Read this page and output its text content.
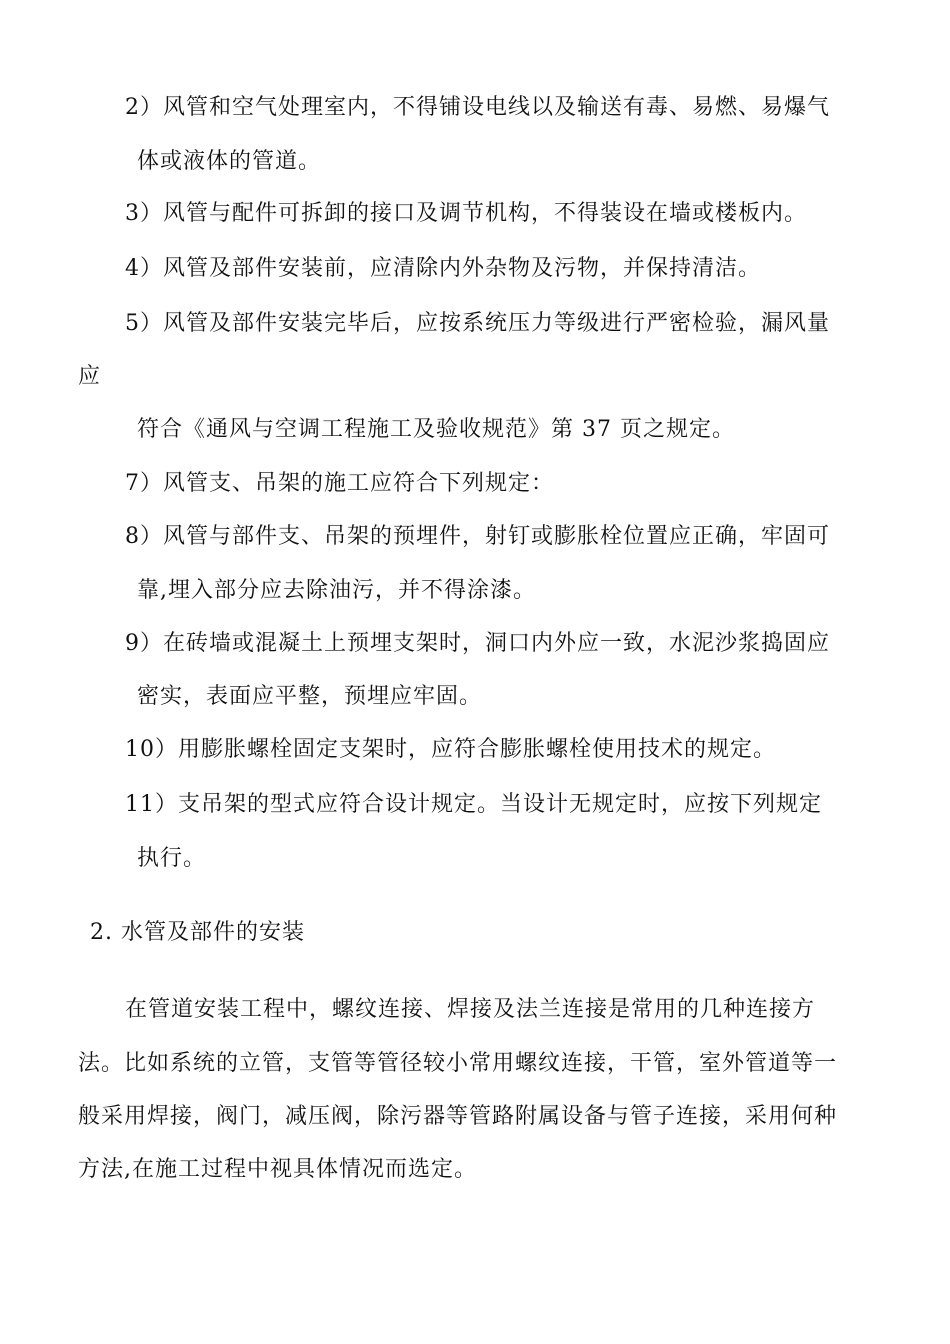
2）风管和空气处理室内，不得铺设电线以及输送有毒、易燃、易爆气
体或液体的管道。
3）风管与配件可拆卸的接口及调节机构，不得装设在墙或楼板内。
4）风管及部件安装前，应清除内外杂物及污物，并保持清洁。
5）风管及部件安装完毕后，应按系统压力等级进行严密检验，漏风量
应
符合《通风与空调工程施工及验收规范》第 37 页之规定。
7）风管支、吊架的施工应符合下列规定：
8）风管与部件支、吊架的预埋件，射钉或膨胀栓位置应正确，牢固可
靠,埋入部分应去除油污，并不得涂漆。
9）在砖墙或混凝土上预埋支架时，洞口内外应一致，水泥沙浆捣固应
密实，表面应平整，预埋应牢固。
10）用膨胀螺栓固定支架时，应符合膨胀螺栓使用技术的规定。
11）支吊架的型式应符合设计规定。当设计无规定时，应按下列规定
执行。
2. 水管及部件的安装
在管道安装工程中，螺纹连接、焊接及法兰连接是常用的几种连接方
法。比如系统的立管，支管等管径较小常用螺纹连接，干管，室外管道等一
般采用焊接，阀门，减压阀，除污器等管路附属设备与管子连接，采用何种
方法,在施工过程中视具体情况而选定。
